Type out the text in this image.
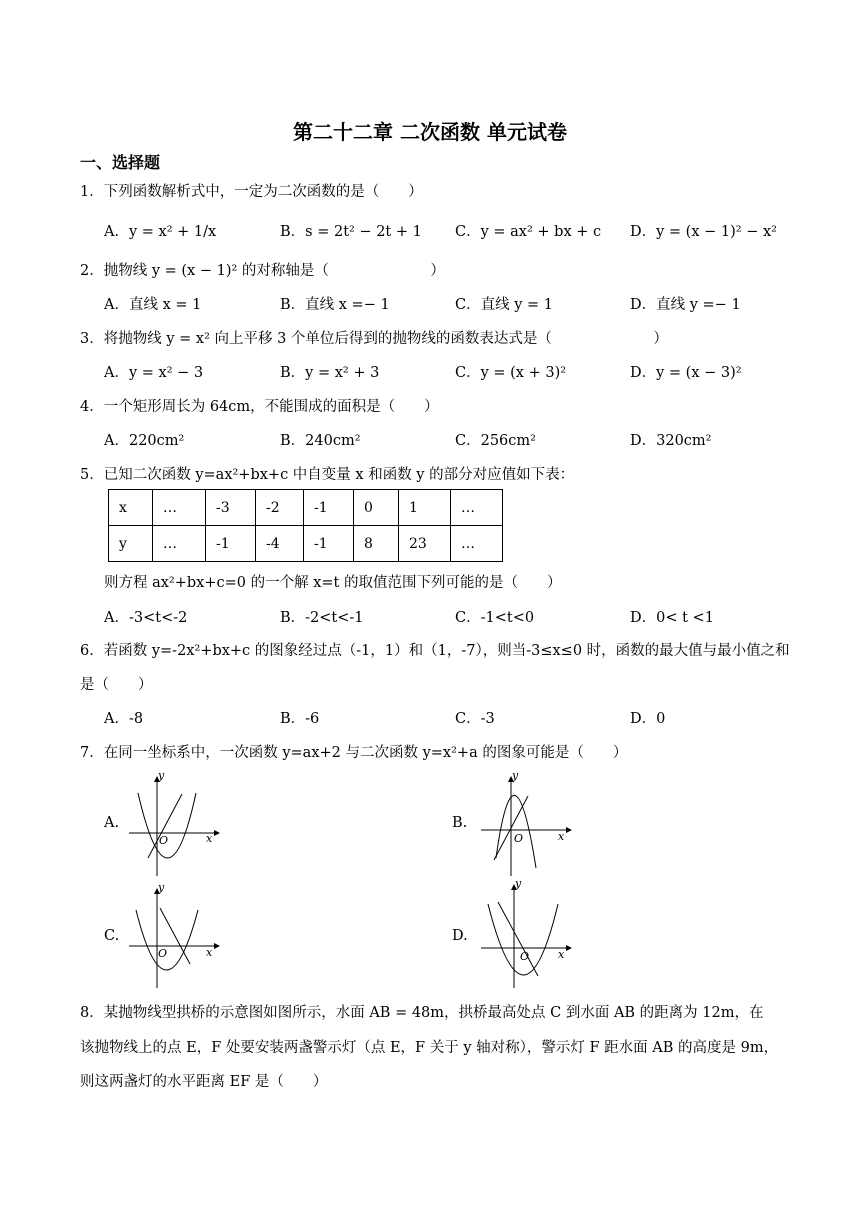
第二十二章 二次函数 单元试卷
一、选择题
1．下列函数解析式中，一定为二次函数的是（　　）
A．y = x² + 1/x	B．s = 2t² − 2t + 1 C．y = ax² + bx + c D．y = (x − 1)² − x²
2．抛物线 y = (x − 1)² 的对称轴是（　　　　　　　）
A．直线 x = 1	B．直线 x =− 1	C．直线 y = 1	D．直线 y =− 1
3．将抛物线 y = x² 向上平移 3 个单位后得到的抛物线的函数表达式是（　　　　　　　）
A．y = x² − 3	B．y = x² + 3	C．y = (x + 3)²	D．y = (x − 3)²
4．一个矩形周长为 64cm，不能围成的面积是（　　）
A．220cm²	B．240cm²	C．256cm²	D．320cm²
5．已知二次函数 y=ax²+bx+c 中自变量 x 和函数 y 的部分对应值如下表：
x	…	-3	-2	-1	0	1	…
y	…	-1	-4	-1	8	23	…
则方程 ax²+bx+c=0 的一个解 x=t 的取值范围下列可能的是（　　）
A．-3<t<-2	B．-2<t<-1	C．-1<t<0	D．0< t <1
6．若函数 y=-2x²+bx+c 的图象经过点（-1，1）和（1，-7），则当-3≤x≤0 时，函数的最大值与最小值之和
是（　　）
A．-8	B．-6	C．-3	D．0
7．在同一坐标系中，一次函数 y=ax+2 与二次函数 y=x²+a 的图象可能是（　　）
A.
y
x
O
B.
y
x
O
C.
y
x
O
D.
y
x
O
8．某抛物线型拱桥的示意图如图所示，水面 AB = 48m，拱桥最高处点 C 到水面 AB 的距离为 12m，在
该抛物线上的点 E，F 处要安装两盏警示灯（点 E，F 关于 y 轴对称），警示灯 F 距水面 AB 的高度是 9m，
则这两盏灯的水平距离 EF 是（　　）
